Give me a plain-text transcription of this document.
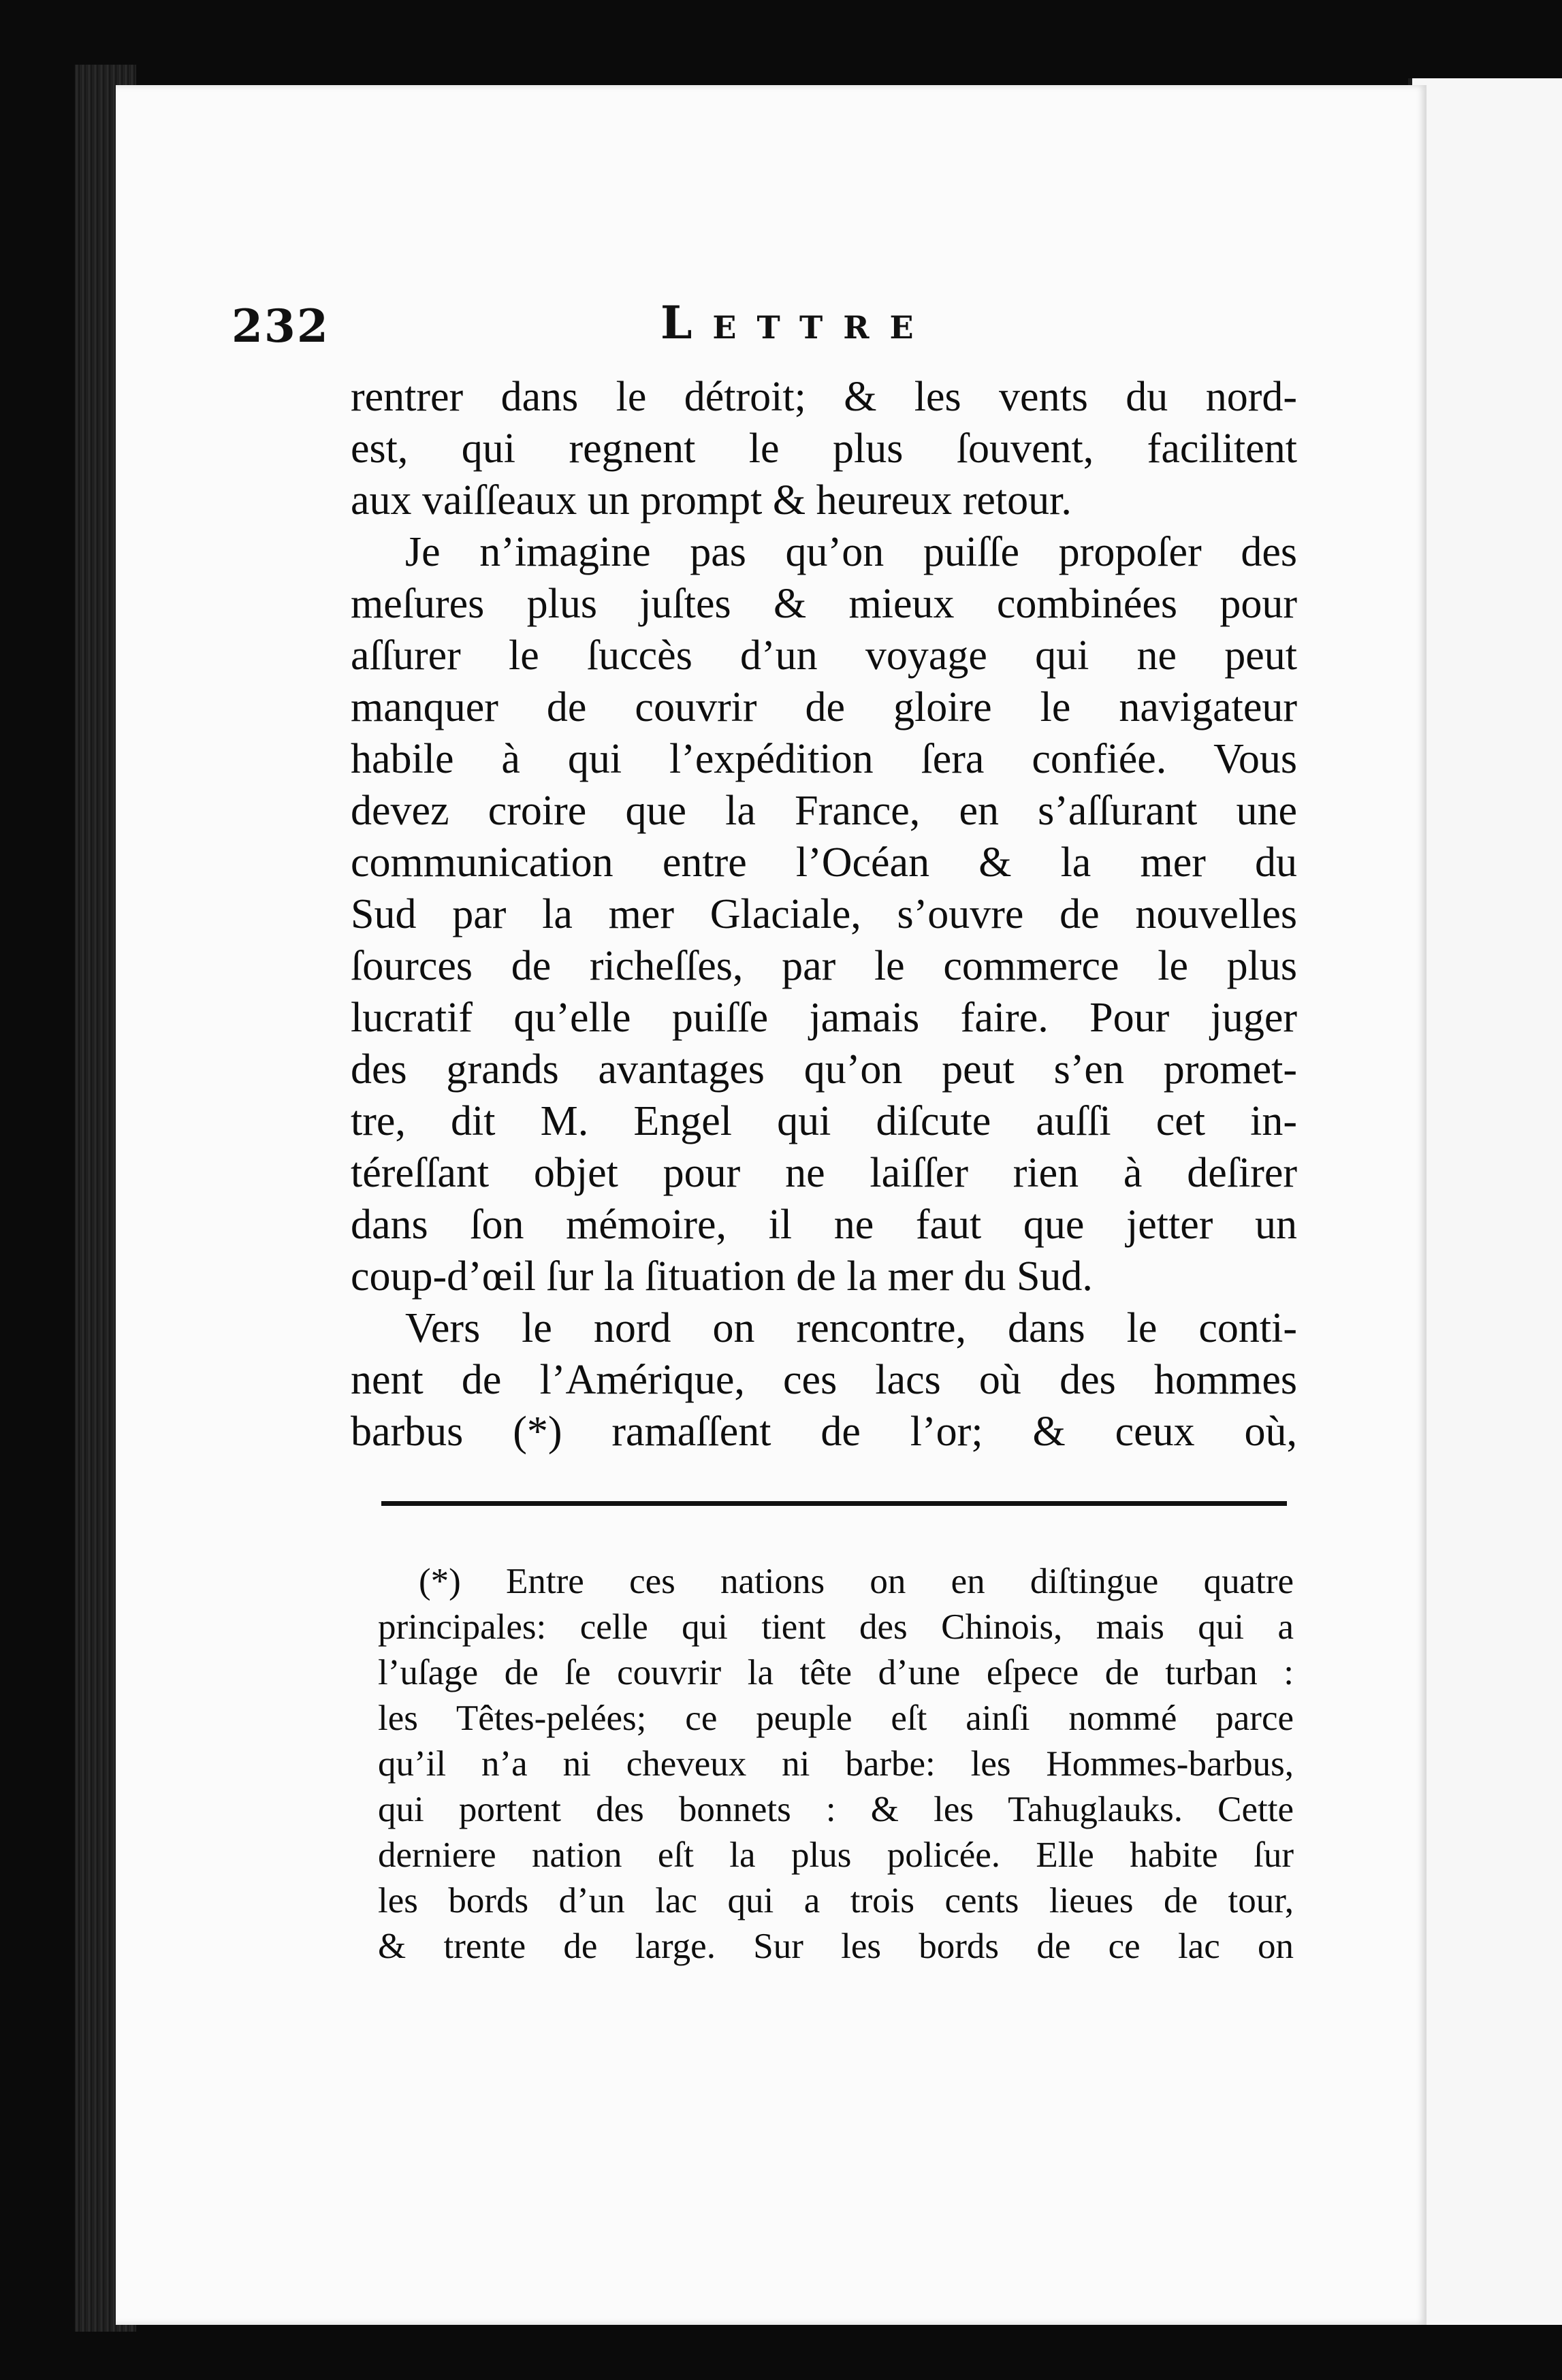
232	Lettre
rentrer dans le détroit; & les vents du nord-
est, qui regnent le plus ſouvent, facilitent
aux vaiſſeaux un prompt & heureux retour.
Je n’imagine pas qu’on puiſſe propoſer des
meſures plus juſtes & mieux combinées pour
aſſurer le ſuccès d’un voyage qui ne peut
manquer de couvrir de gloire le navigateur
habile à qui l’expédition ſera confiée. Vous
devez croire que la France, en s’aſſurant une
communication entre l’Océan & la mer du
Sud par la mer Glaciale, s’ouvre de nouvelles
ſources de richeſſes, par le commerce le plus
lucratif qu’elle puiſſe jamais faire. Pour juger
des grands avantages qu’on peut s’en promet-
tre, dit M. Engel qui diſcute auſſi cet in-
téreſſant objet pour ne laiſſer rien à deſirer
dans ſon mémoire, il ne faut que jetter un
coup-d’œil ſur la ſituation de la mer du Sud.
Vers le nord on rencontre, dans le conti-
nent de l’Amérique, ces lacs où des hommes
barbus (*) ramaſſent de l’or; & ceux où,
(*) Entre ces nations on en diſtingue quatre
principales: celle qui tient des Chinois, mais qui a
l’uſage de ſe couvrir la tête d’une eſpece de turban :
les Têtes-pelées; ce peuple eſt ainſi nommé parce
qu’il n’a ni cheveux ni barbe: les Hommes-barbus,
qui portent des bonnets : & les Tahuglauks. Cette
derniere nation eſt la plus policée. Elle habite ſur
les bords d’un lac qui a trois cents lieues de tour,
& trente de large. Sur les bords de ce lac on
